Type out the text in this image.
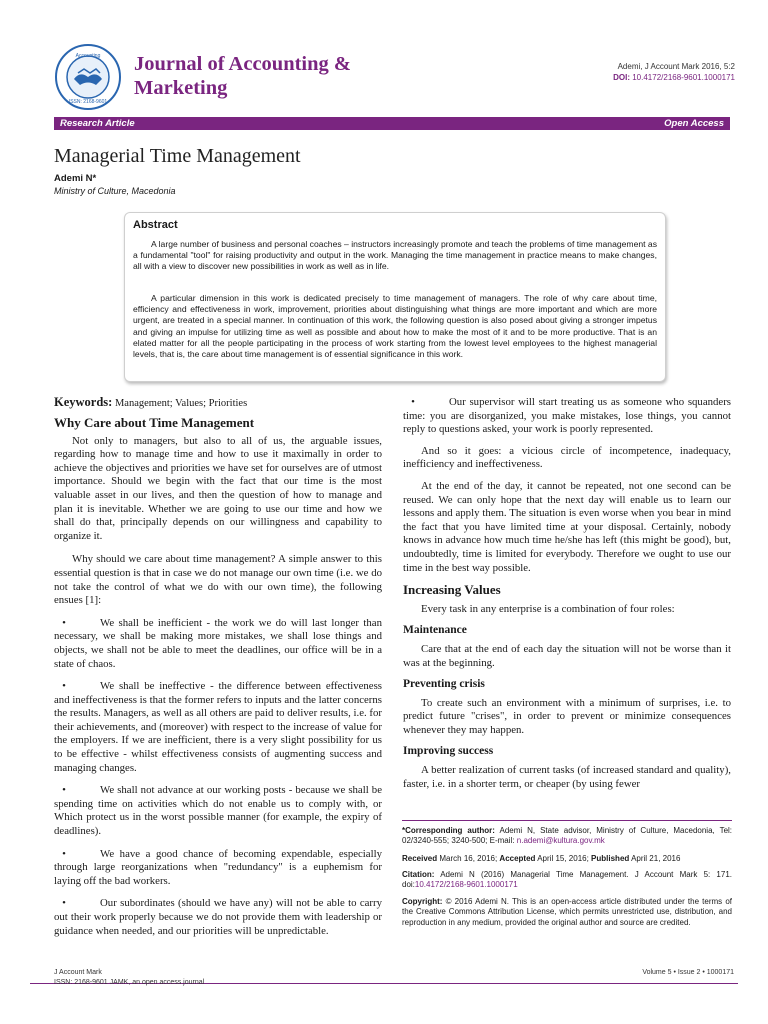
Accounting
ISSN: 2168-9601
Journal of Accounting & Marketing
Ademi, J Account Mark 2016, 5:2
DOI: 10.4172/2168-9601.1000171
Research Article	Open Access
Managerial Time Management
Ademi N*
Ministry of Culture, Macedonia
Abstract

A large number of business and personal coaches – instructors increasingly promote and teach the problems of time management as a fundamental "tool" for raising productivity and output in the work. Managing the time management in practice means to make changes, all with a view to discover new possibilities in work as well as in life.

A particular dimension in this work is dedicated precisely to time management of managers. The role of why care about time, efficiency and effectiveness in work, improvement, priorities about distinguishing what things are more important and which are more urgent, are treated in a special manner. In continuation of this work, the following question is also posed about giving a stronger impetus and giving an impulse for utilizing time as well as possible and about how to make the most of it and to be more productive. That is an elated matter for all the people participating in the process of work starting from the lowest level employees to the highest managerial levels, that is, the care about time management is of essential significance in this work.

Keywords: Management; Values; Priorities
Why Care about Time Management

Not only to managers, but also to all of us, the arguable issues, regarding how to manage time and how to use it maximally in order to achieve the objectives and priorities we have set for ourselves are of utmost importance. Should we begin with the fact that our time is the most valuable asset in our lives, and then the question of how to manage and plan it is inevitable. Whether we are going to use our time and how we shall do that, principally depends on our willingness and capability to organize it.

Why should we care about time management? A simple answer to this essential question is that in case we do not manage our own time (i.e. we do not take the control of what we do with our own time), the following ensues [1]:

•	We shall be inefficient - the work we do will last longer than necessary, we shall be making more mistakes, we shall lose things and objects, we shall not be able to meet the deadlines, our office will be in a state of chaos.

•	We shall be ineffective - the difference between effectiveness and ineffectiveness is that the former refers to inputs and the latter concerns the results. Managers, as well as all others are paid to deliver results, i.e. for their achievements, and (moreover) with respect to the increase of value for the employers. If we are inefficient, there is a very slight possibility for us to be effective - whilst effectiveness consists of augmenting success and managing changes.

•	We shall not advance at our working posts - because we shall be spending time on activities which do not enable us to comply with, or Which protect us in the worst possible manner (for example, the expiry of deadlines).

•	We have a good chance of becoming expendable, especially through large reorganizations when "redundancy" is a euphemism for laying off the bad workers.

•	Our subordinates (should we have any) will not be able to carry out their work properly because we do not provide them with leadership or guidance when needed, and our priorities will be unpredictable.

•	Our supervisor will start treating us as someone who squanders time: you are disorganized, you make mistakes, lose things, you cannot reply to questions asked, your work is poorly represented.

And so it goes: a vicious circle of incompetence, inadequacy, inefficiency and ineffectiveness.

At the end of the day, it cannot be repeated, not one second can be reused. We can only hope that the next day will enable us to learn our lessons and apply them. The situation is even worse when you bear in mind the fact that you have limited time at your disposal. Certainly, nobody knows in advance how much time he/she has left (this might be good), but, undoubtedly, time is limited for everybody. Therefore we ought to use our time in the best way possible.

Increasing Values

Every task in any enterprise is a combination of four roles:

Maintenance

Care that at the end of each day the situation will not be worse than it was at the beginning.

Preventing crisis

To create such an environment with a minimum of surprises, i.e. to predict future "crises", in order to prevent or minimize consequences whenever they may happen.

Improving success

A better realization of current tasks (of increased standard and quality), faster, i.e. in a shorter term, or cheaper (by using fewer

*Corresponding author: Ademi N, State advisor, Ministry of Culture, Macedonia, Tel: 02/3240-555; 3240-500; E-mail: n.ademi@kultura.gov.mk
Received March 16, 2016; Accepted April 15, 2016; Published April 21, 2016
Citation: Ademi N (2016) Managerial Time Management. J Account Mark 5: 171. doi:10.4172/2168-9601.1000171
Copyright: © 2016 Ademi N. This is an open-access article distributed under the terms of the Creative Commons Attribution License, which permits unrestricted use, distribution, and reproduction in any medium, provided the original author and source are credited.
J Account Mark
ISSN: 2168-9601 JAMK, an open access journal
Volume 5 • Issue 2 • 1000171
